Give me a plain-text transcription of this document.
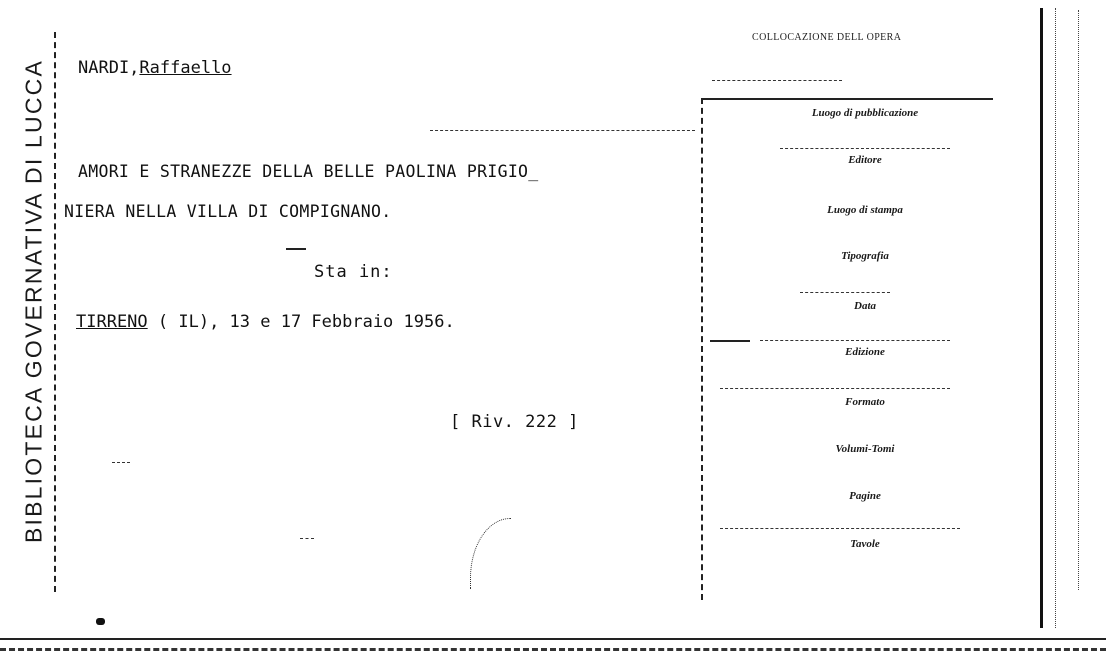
BIBLIOTECA GOVERNATIVA DI LUCCA NARDI,Raffaello
AMORI E STRANEZZE DELLA BELLE PAOLINA PRIGIO_
NIERA NELLA VILLA DI COMPIGNANO.
Sta in:
TIRRENO ( IL), 13 e 17 Febbraio 1956.
[ Riv. 222 ]
COLLOCAZIONE DELL OPERA
Luogo di pubblicazione
Editore
Luogo di stampa
Tipografia
Data
Edizione
Formato
Volumi-Tomi
Pagine
Tavole
